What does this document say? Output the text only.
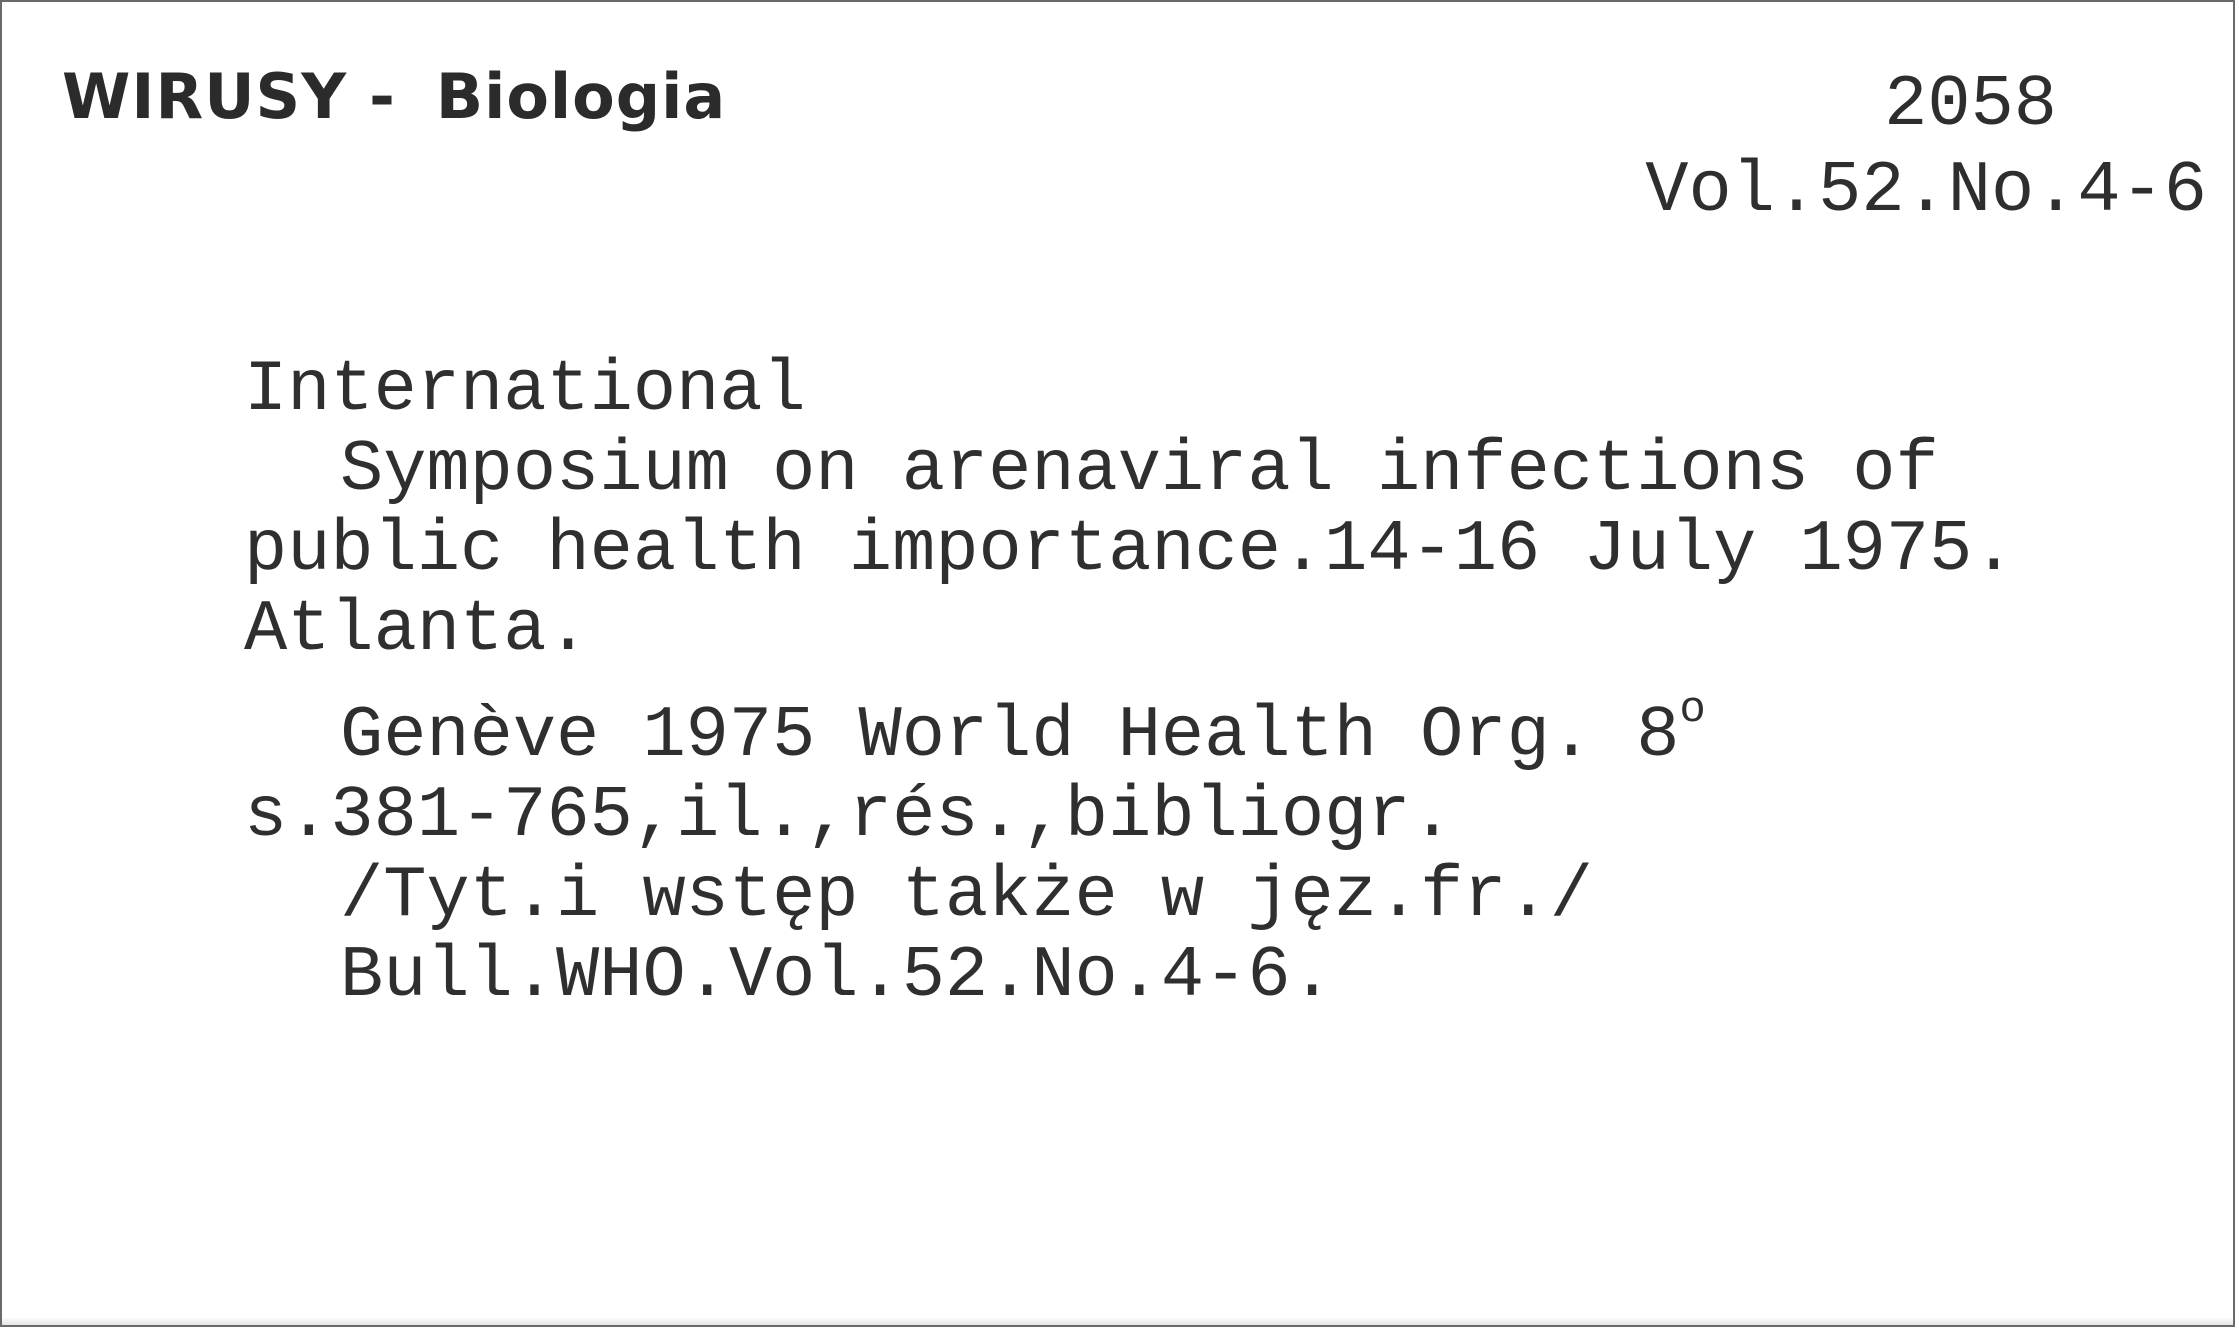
WIRUSY - Biologia	2058
Vol.52.No.4-6
International
Symposium on arenaviral infections of
public health importance.14-16 July 1975.
Atlanta.
Genève 1975 World Health Org. 8$^o$
s.381-765,il.,rés.,bibliogr.
/Tyt.i wstęp także w jęz.fr./
Bull.WHO.Vol.52.No.4-6.
